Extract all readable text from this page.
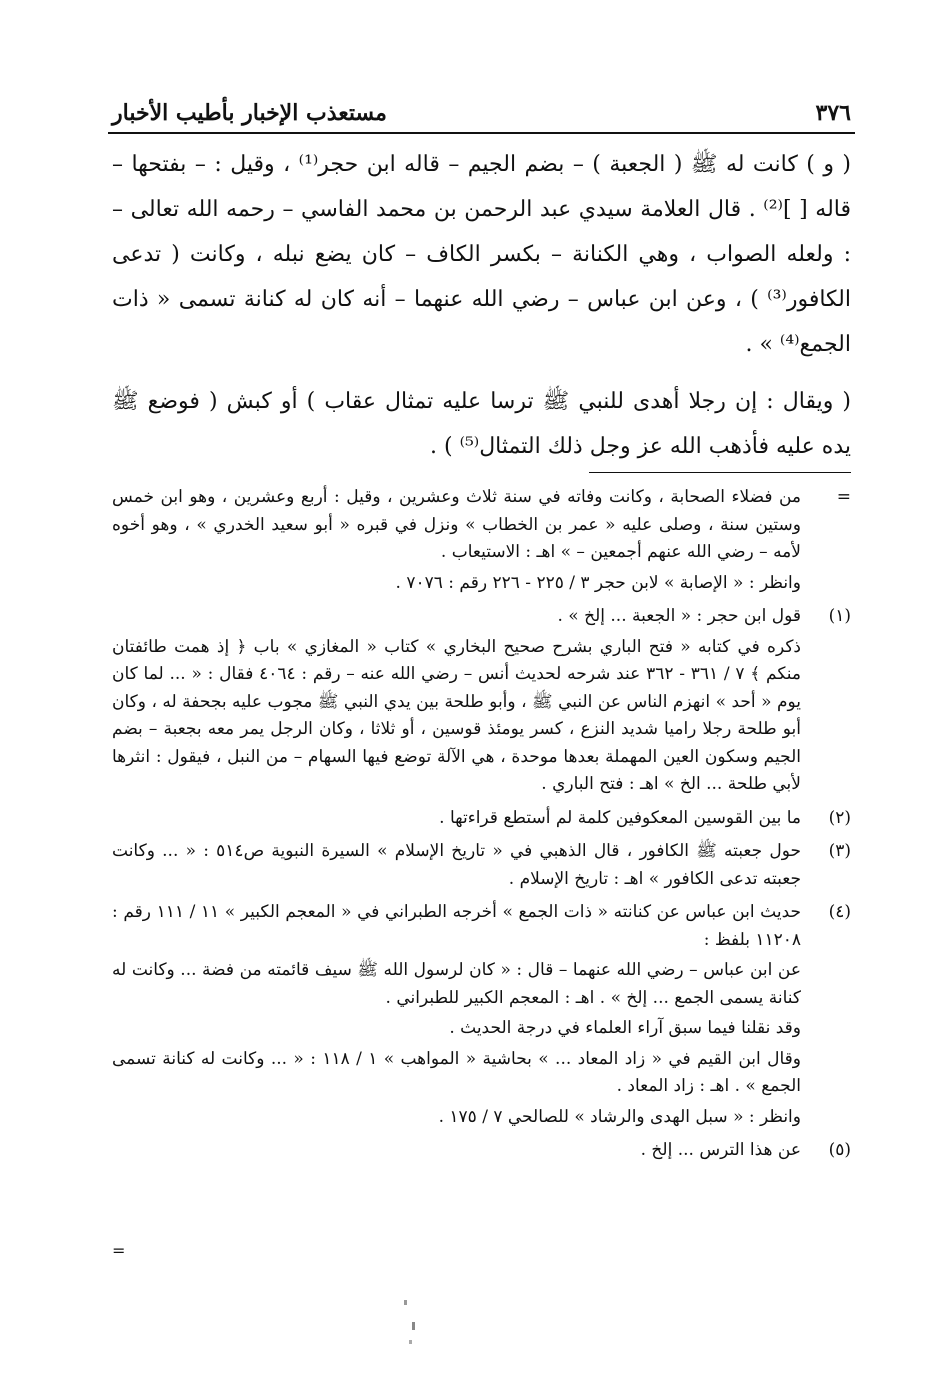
٣٧٦
مستعذب الإخبار بأطيب الأخبار

( و ) كانت له ﷺ ( الجعبة ) – بضم الجيم – قاله ابن حجر⁽¹⁾ ، وقيل : – بفتحها – قاله [ ]⁽²⁾ . قال العلامة سيدي عبد الرحمن بن محمد الفاسي – رحمه الله تعالى – : ولعله الصواب ، وهي الكنانة – بكسر الكاف – كان يضع نبله ، وكانت ( تدعى الكافور⁽³⁾ ) ، وعن ابن عباس – رضي الله عنهما – أنه كان له كنانة تسمى « ذات الجمع⁽⁴⁾ » .

( ويقال : إن رجلا أهدى للنبي ﷺ ترسا عليه تمثال عقاب ) أو كبش ( فوضع ﷺ يده عليه فأذهب الله عز وجل ذلك التمثال⁽⁵⁾ ) .

=

من فضلاء الصحابة ، وكانت وفاته في سنة ثلاث وعشرين ، وقيل : أربع وعشرين ، وهو ابن خمس وستين سنة ، وصلى عليه « عمر بن الخطاب » ونزل في قبره « أبو سعيد الخدري » ، وهو أخوه لأمه – رضي الله عنهم أجمعين – » اهـ : الاستيعاب .

وانظر : « الإصابة » لابن حجر ٣ / ٢٢٥ - ٢٢٦ رقم : ٧٠٧٦ .

(١)

قول ابن حجر : « الجعبة ... إلخ » .

ذكره في كتابه « فتح الباري بشرح صحيح البخاري » كتاب « المغازي » باب ﴿ إذ همت طائفتان منكم ﴾ ٧ / ٣٦١ - ٣٦٢ عند شرحه لحديث أنس – رضي الله عنه – رقم : ٤٠٦٤ فقال : « ... لما كان يوم « أحد » انهزم الناس عن النبي ﷺ ، وأبو طلحة بين يدي النبي ﷺ مجوب عليه بجحفة له ، وكان أبو طلحة رجلا راميا شديد النزع ، كسر يومئذ قوسين ، أو ثلاثا ، وكان الرجل يمر معه بجعبة – بضم الجيم وسكون العين المهملة بعدها موحدة ، هي الآلة توضع فيها السهام – من النبل ، فيقول : انثرها لأبي طلحة ... الخ » اهـ : فتح الباري .

(٢)

ما بين القوسين المعكوفين كلمة لم أستطع قراءتها .

(٣)

حول جعبته ﷺ الكافور ، قال الذهبي في « تاريخ الإسلام » السيرة النبوية ص٥١٤ : « ... وكانت جعبته تدعى الكافور » اهـ : تاريخ الإسلام .

(٤)

حديث ابن عباس عن كنانته « ذات الجمع » أخرجه الطبراني في « المعجم الكبير » ١١ / ١١١ رقم : ١١٢٠٨ بلفظ :

عن ابن عباس – رضي الله عنهما – قال : « كان لرسول الله ﷺ سيف قائمته من فضة ... وكانت له كنانة يسمى الجمع ... إلخ » . اهـ : المعجم الكبير للطبراني .

وقد نقلنا فيما سبق آراء العلماء في درجة الحديث .

وقال ابن القيم في « زاد المعاد ... » بحاشية « المواهب » ١ / ١١٨ : « ... وكانت له كنانة تسمى الجمع » . اهـ : زاد المعاد .

وانظر : « سبل الهدى والرشاد » للصالحي ٧ / ١٧٥ .

(٥)

عن هذا الترس ... إلخ .

=
